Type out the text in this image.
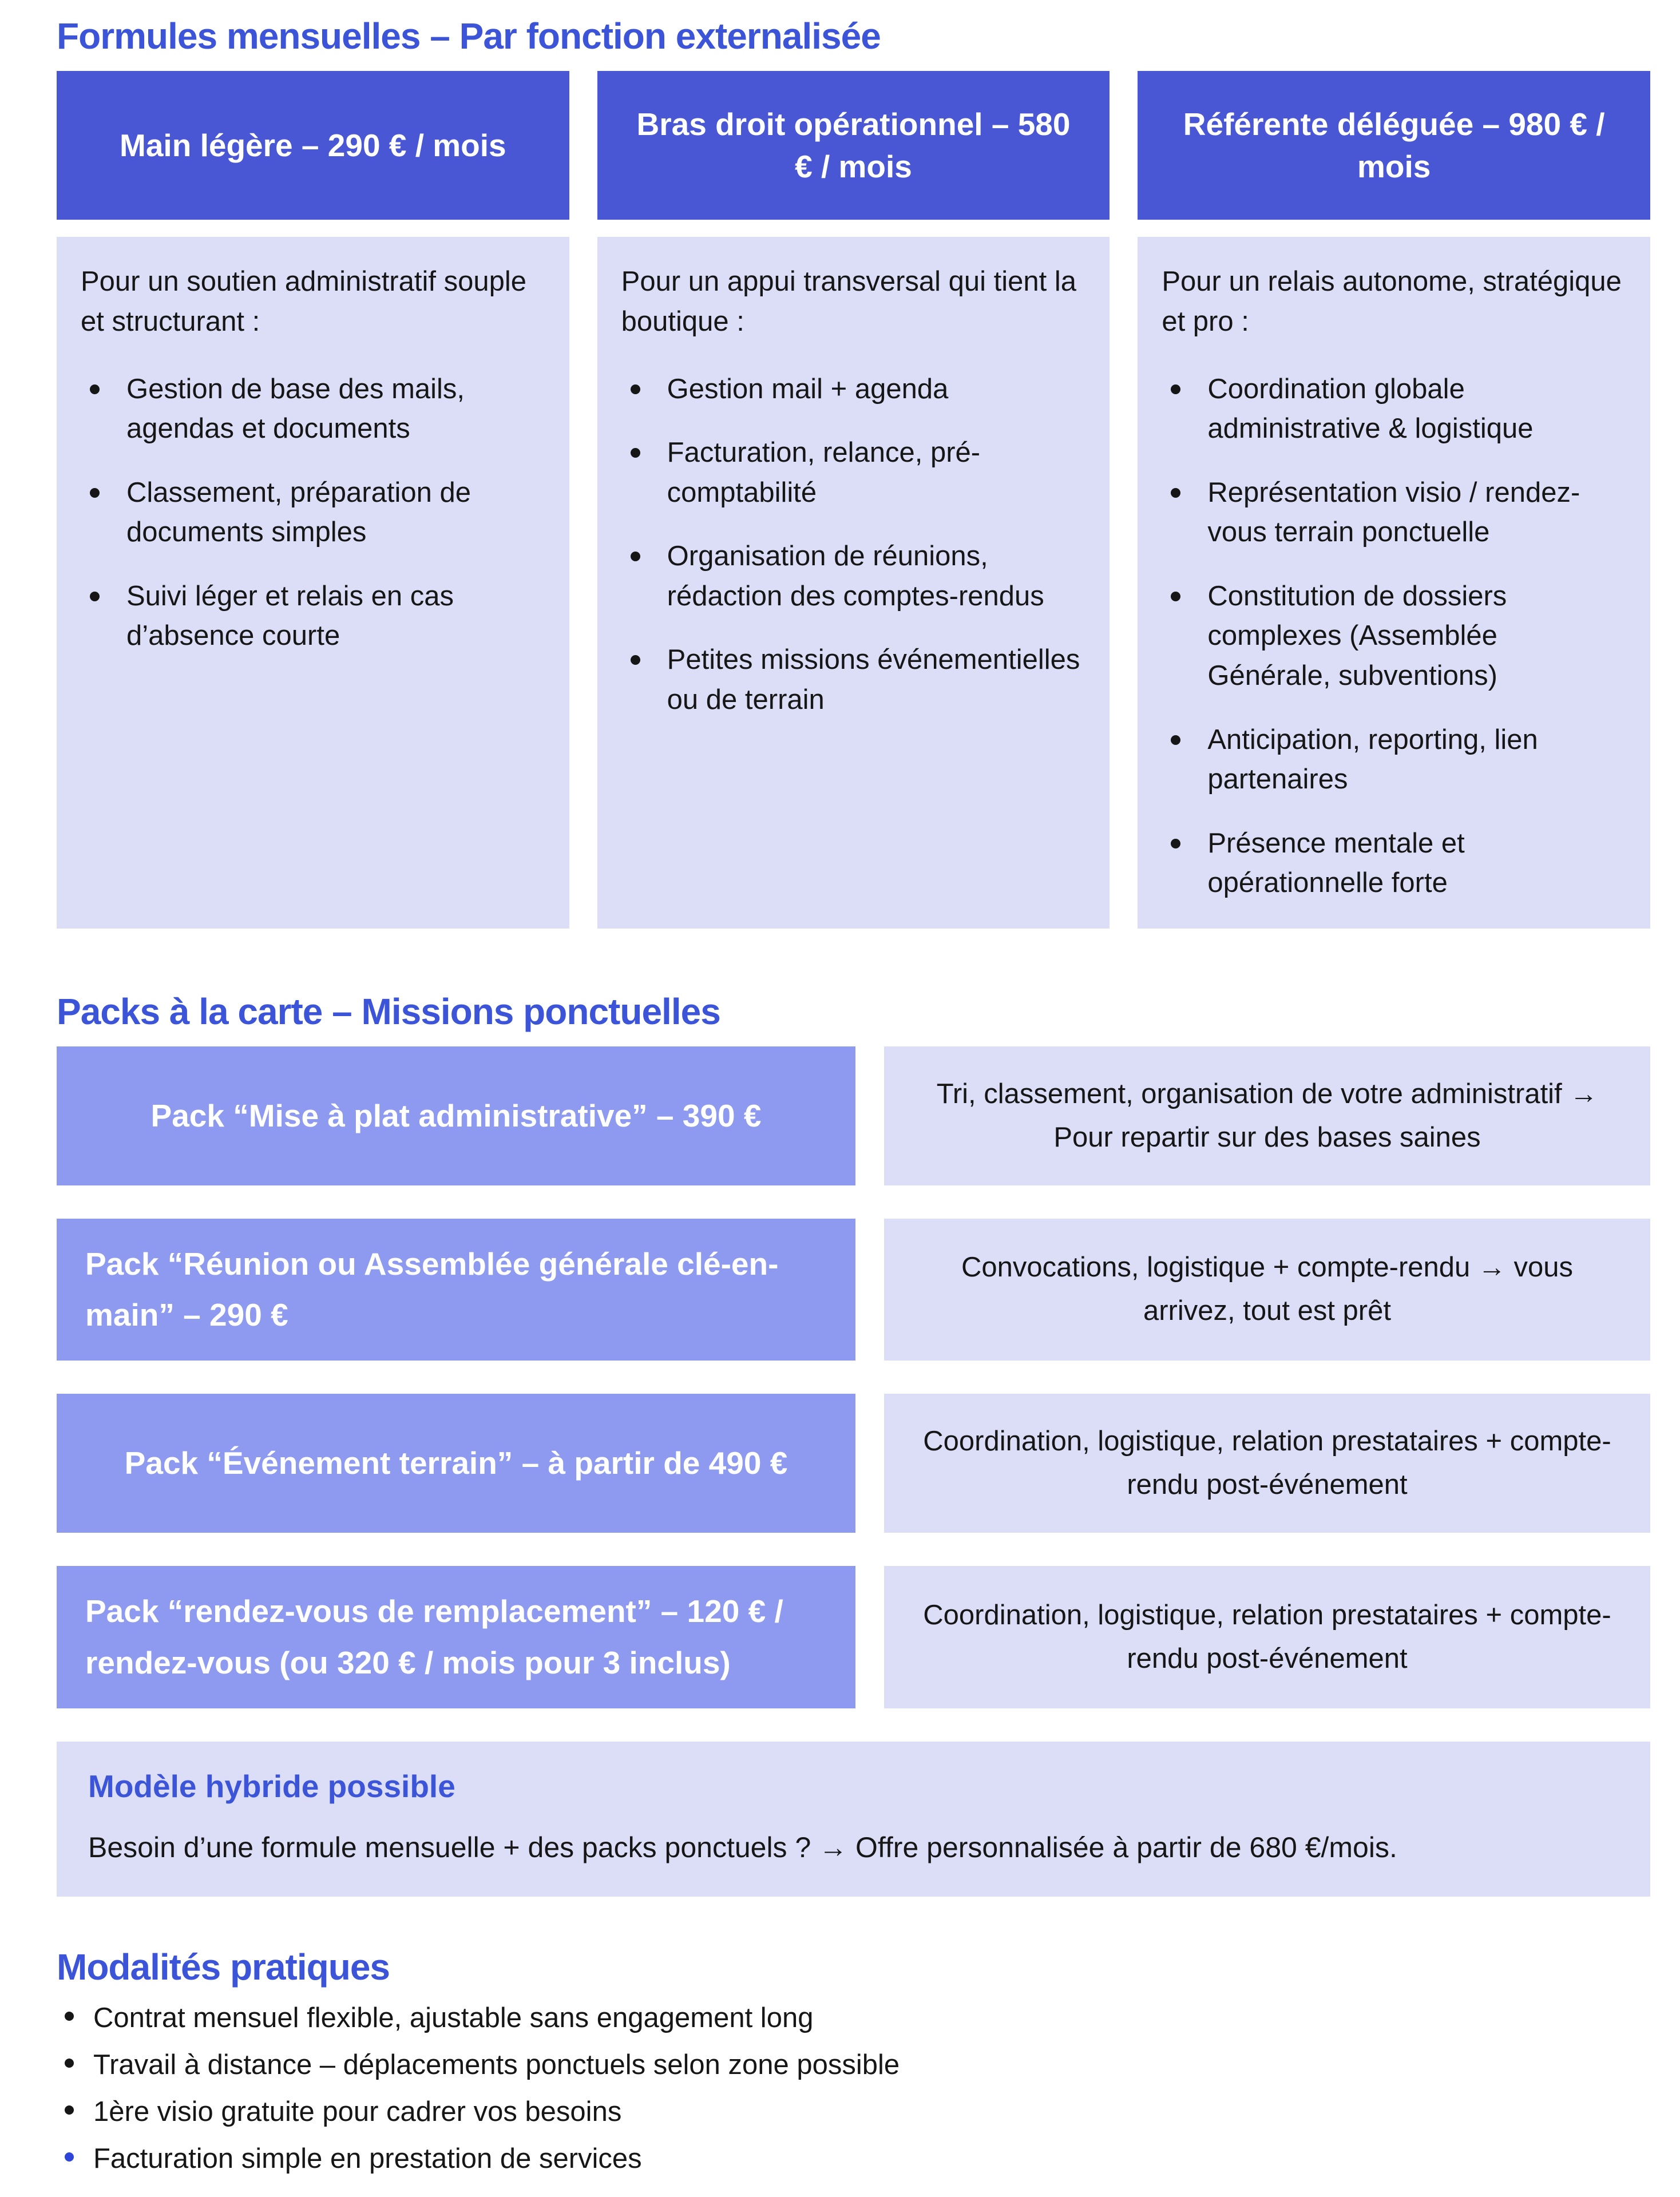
Formules mensuelles – Par fonction externalisée
Main légère – 290 € / mois
Bras droit opérationnel – 580 € / mois
Référente déléguée – 980 € / mois

Pour un soutien administratif souple et structurant :

Gestion de base des mails, agendas et documents
Classement, préparation de documents simples
Suivi léger et relais en cas d’absence courte

Pour un appui transversal qui tient la boutique :

Gestion mail + agenda
Facturation, relance, pré-comptabilité
Organisation de réunions, rédaction des comptes-rendus
Petites missions événementielles ou de terrain

Pour un relais autonome, stratégique et pro :

Coordination globale administrative & logistique
Représentation visio / rendez-vous terrain ponctuelle
Constitution de dossiers complexes (Assemblée Générale, subventions)
Anticipation, reporting, lien partenaires
Présence mentale et opérationnelle forte
Packs à la carte – Missions ponctuelles
Pack “Mise à plat administrative” – 390 €
Tri, classement, organisation de votre administratif → Pour repartir sur des bases saines
Pack “Réunion ou Assemblée générale clé-en-main” – 290 €
Convocations, logistique + compte-rendu → vous arrivez, tout est prêt
Pack “Événement terrain” – à partir de 490 €
Coordination, logistique, relation prestataires + compte-rendu post-événement
Pack “rendez-vous de remplacement” – 120 € / rendez-vous (ou 320 € / mois pour 3 inclus)
Coordination, logistique, relation prestataires + compte-rendu post-événement
Modèle hybride possible

Besoin d’une formule mensuelle + des packs ponctuels ? → Offre personnalisée à partir de 680 €/mois.

Modalités pratiques
Contrat mensuel flexible, ajustable sans engagement long
Travail à distance – déplacements ponctuels selon zone possible
1ère visio gratuite pour cadrer vos besoins
Facturation simple en prestation de services
